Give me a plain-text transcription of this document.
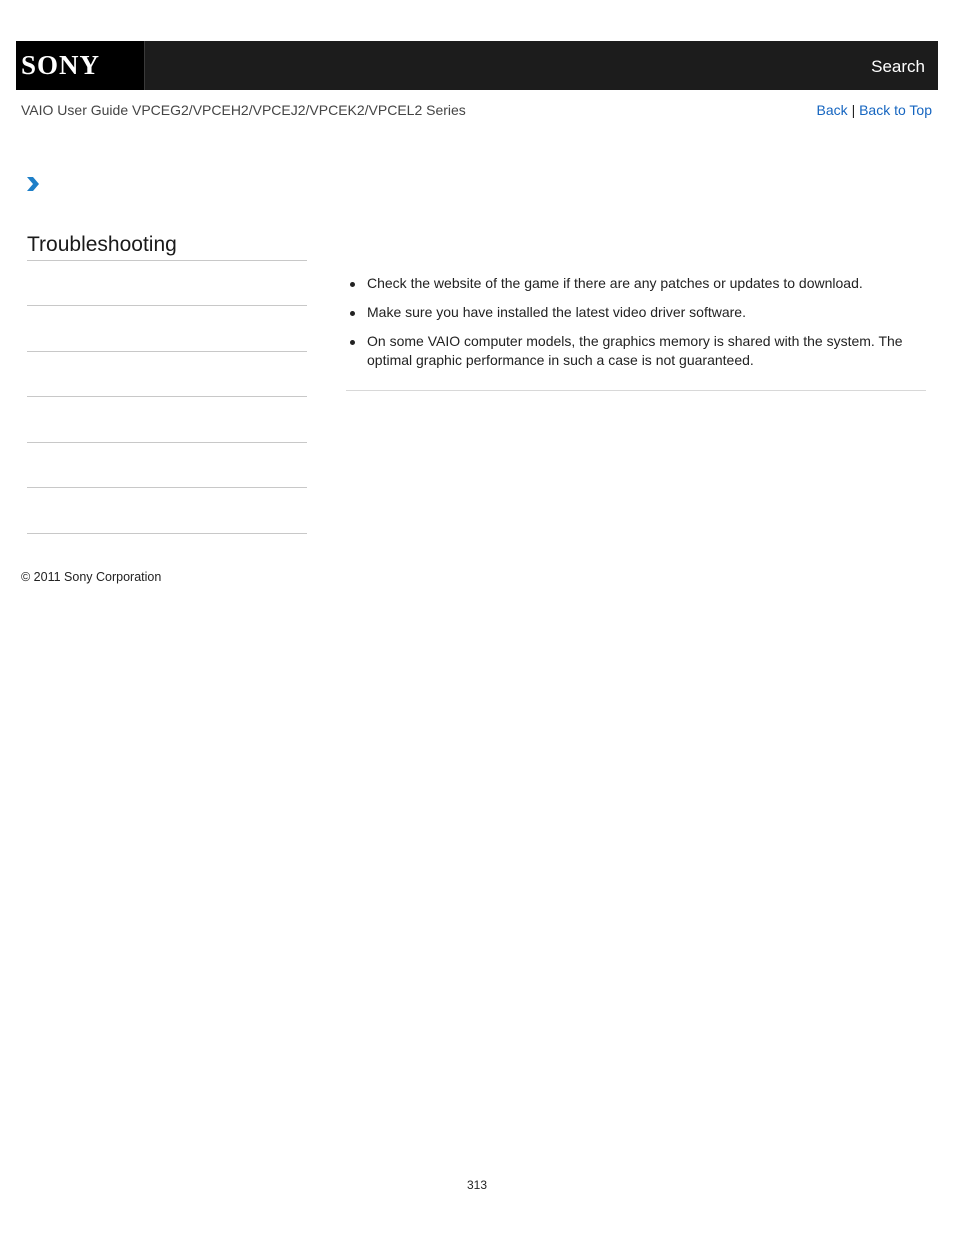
SONY	Search
VAIO User Guide VPCEG2/VPCEH2/VPCEJ2/VPCEK2/VPCEL2 Series	Back | Back to Top
Troubleshooting
Check the website of the game if there are any patches or updates to download.
Make sure you have installed the latest video driver software.
On some VAIO computer models, the graphics memory is shared with the system. The optimal graphic performance in such a case is not guaranteed.
© 2011 Sony Corporation
313
